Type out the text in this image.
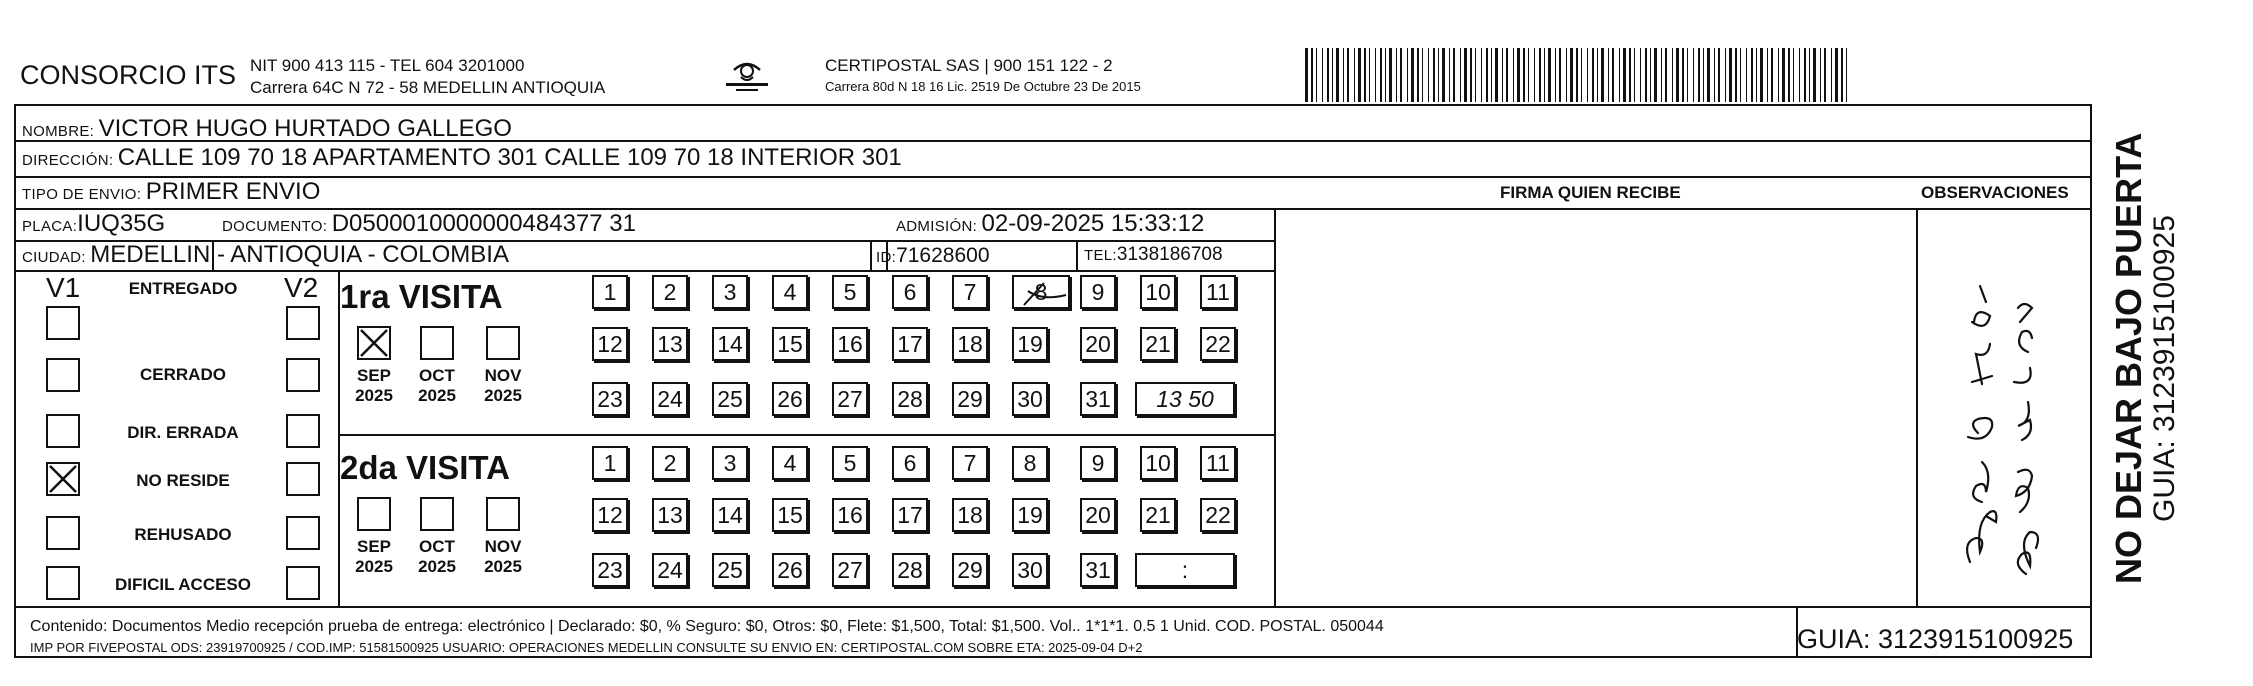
CONSORCIO ITS NIT 900 413 115 - TEL 604 3201000
Carrera 64C N 72 - 58 MEDELLIN ANTIOQUIA
CERTIPOSTAL SAS | 900 151 122 - 2
Carrera 80d N 18 16 Lic. 2519 De Octubre 23 De 2015
NOMBRE: VICTOR HUGO HURTADO GALLEGO
DIRECCIÓN: CALLE 109 70 18 APARTAMENTO 301 CALLE 109 70 18 INTERIOR 301
TIPO DE ENVIO: PRIMER ENVIO	FIRMA QUIEN RECIBE	OBSERVACIONES
PLACA:IUQ35G	DOCUMENTO: D0500010000000484377 31	ADMISIÓN: 02-09-2025 15:33:12
CIUDAD: MEDELLIN - ANTIOQUIA - COLOMBIA	ID:71628600	TEL:3138186708
V1	V2
ENTREGADO
CERRADO
DIR. ERRADA
NO RESIDE
REHUSADO
DIFICIL ACCESO
1ra VISITA
2da VISITA
SEP
2025
OCT
2025
NOV
2025
1 2 3 4 5 6 7	8 9 10 11
12 13 14 15 16 17 18 19 20 21 22
23 24 25 26 27 28 29 30 31 13 50
SEP
2025
OCT
2025
NOV
2025
1 2 3 4 5 6 7 8 9 10 11
12 13 14 15 16 17 18 19 20 21 22
23 24 25 26 27 28 29 30 31	:
Contenido: Documentos Medio recepción prueba de entrega: electrónico | Declarado: $0, % Seguro: $0, Otros: $0, Flete: $1,500, Total: $1,500. Vol.. 1*1*1. 0.5 1 Unid. COD. POSTAL. 050044
IMP POR FIVEPOSTAL ODS: 23919700925 / COD.IMP: 51581500925 USUARIO: OPERACIONES MEDELLIN CONSULTE SU ENVIO EN: CERTIPOSTAL.COM SOBRE ETA: 2025-09-04 D+2	GUIA: 3123915100925
NO DEJAR BAJO PUERTA GUIA: 3123915100925
